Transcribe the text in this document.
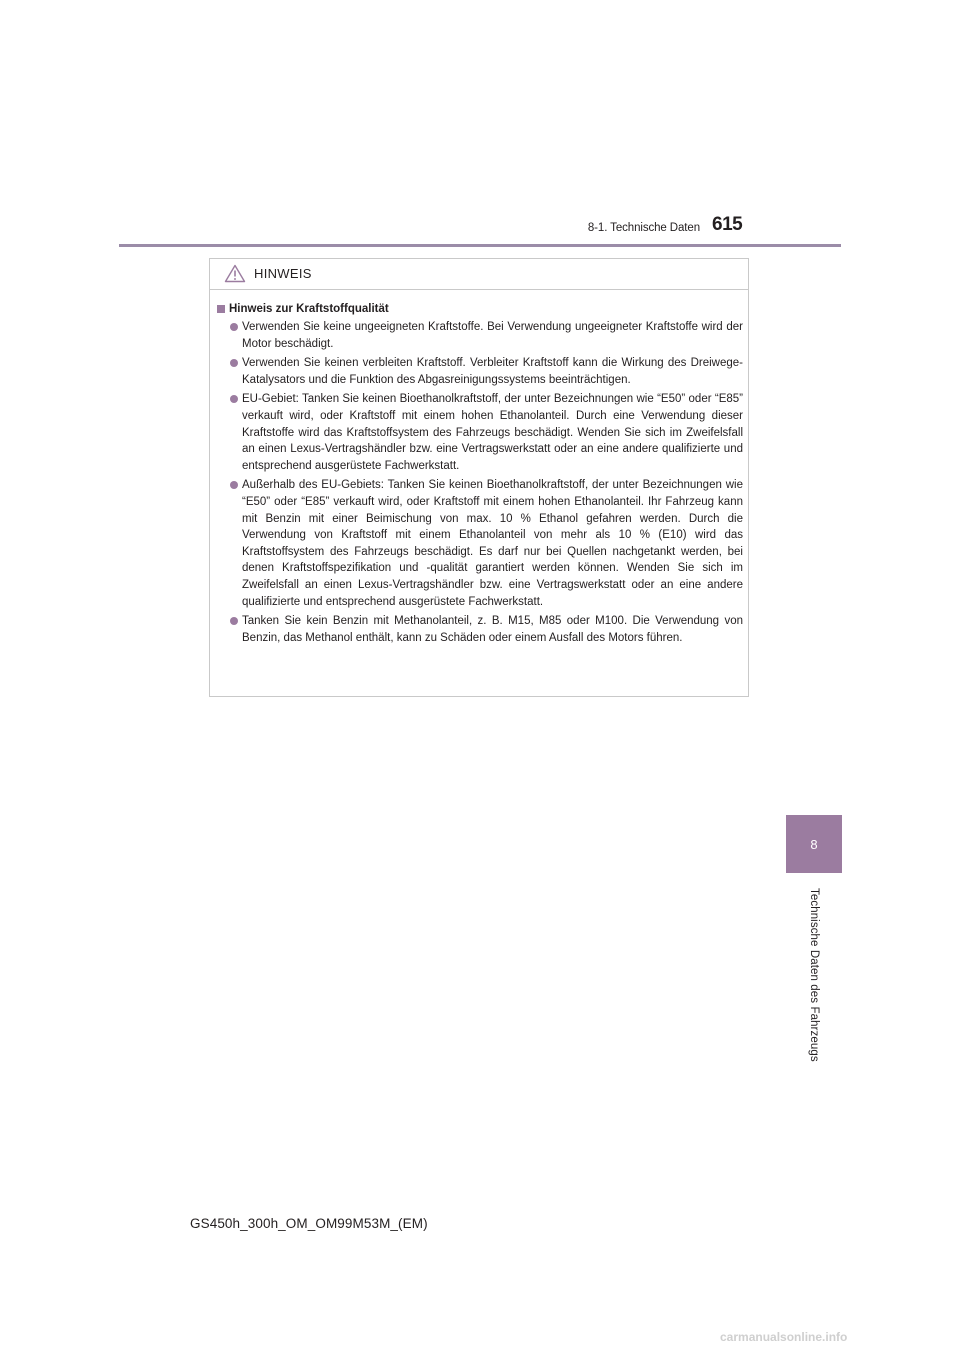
8-1. Technische Daten 615
8
Technische Daten des Fahrzeugs
HINWEIS
Hinweis zur Kraftstoffqualität
Verwenden Sie keine ungeeigneten Kraftstoffe. Bei Verwendung ungeeigneter Kraftstoffe wird der Motor beschädigt.
Verwenden Sie keinen verbleiten Kraftstoff. Verbleiter Kraftstoff kann die Wirkung des Dreiwege-Katalysators und die Funktion des Abgasreinigungssystems beeinträchtigen.
EU-Gebiet: Tanken Sie keinen Bioethanolkraftstoff, der unter Bezeichnungen wie “E50” oder “E85” verkauft wird, oder Kraftstoff mit einem hohen Ethanolanteil. Durch eine Verwendung dieser Kraftstoffe wird das Kraftstoffsystem des Fahrzeugs beschädigt. Wenden Sie sich im Zweifelsfall an einen Lexus-Vertragshändler bzw. eine Vertragswerkstatt oder an eine andere qualifizierte und entsprechend ausgerüstete Fachwerkstatt.
Außerhalb des EU-Gebiets: Tanken Sie keinen Bioethanolkraftstoff, der unter Bezeichnungen wie “E50” oder “E85” verkauft wird, oder Kraftstoff mit einem hohen Ethanolanteil. Ihr Fahrzeug kann mit Benzin mit einer Beimischung von max. 10 % Ethanol gefahren werden. Durch die Verwendung von Kraftstoff mit einem Ethanolanteil von mehr als 10 % (E10) wird das Kraftstoffsystem des Fahrzeugs beschädigt. Es darf nur bei Quellen nachgetankt werden, bei denen Kraftstoffspezifikation und -qualität garantiert werden können. Wenden Sie sich im Zweifelsfall an einen Lexus-Vertragshändler bzw. eine Vertragswerkstatt oder an eine andere qualifizierte und entsprechend ausgerüstete Fachwerkstatt.
Tanken Sie kein Benzin mit Methanolanteil, z. B. M15, M85 oder M100. Die Verwendung von Benzin, das Methanol enthält, kann zu Schäden oder einem Ausfall des Motors führen.
GS450h_300h_OM_OM99M53M_(EM)
carmanualsonline.info
